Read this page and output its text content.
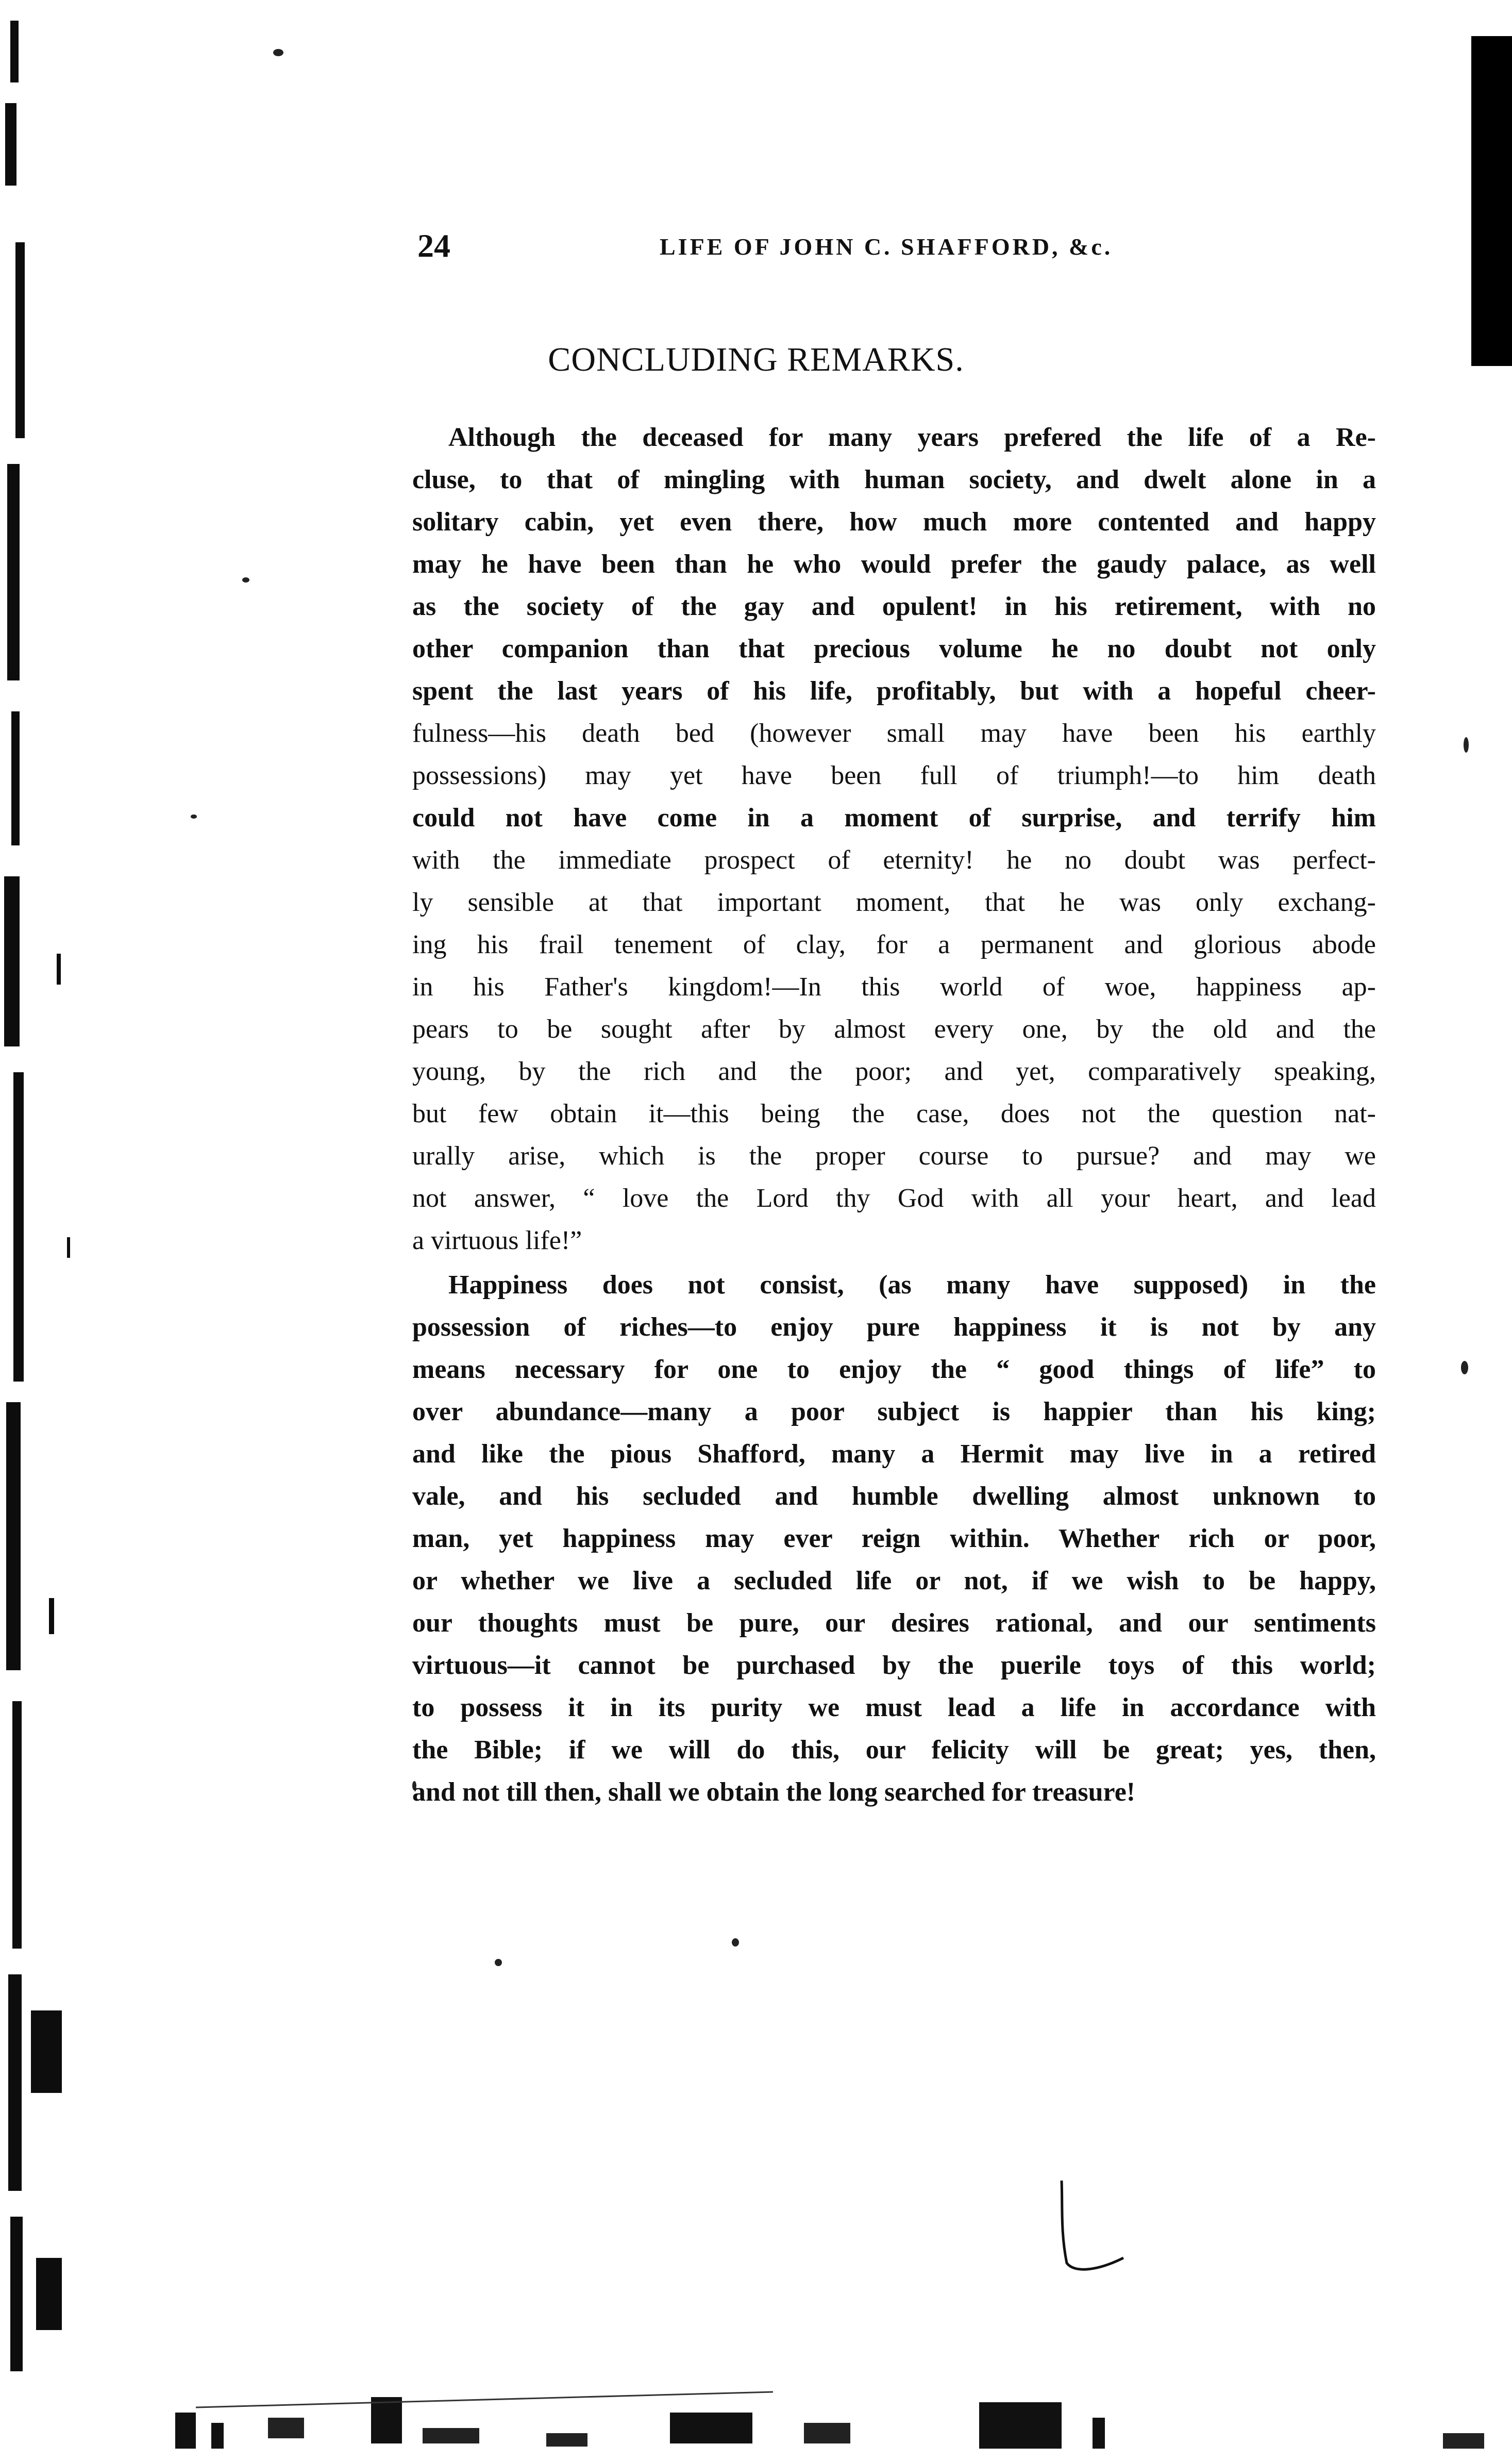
24	LIFE OF JOHN C. SHAFFORD, &c.
CONCLUDING REMARKS.
Although the deceased for many years prefered the life of a Re-
cluse, to that of mingling with human society, and dwelt alone in a
solitary cabin, yet even there, how much more contented and happy
may he have been than he who would prefer the gaudy palace, as well
as the society of the gay and opulent! in his retirement, with no
other companion than that precious volume he no doubt not only
spent the last years of his life, profitably, but with a hopeful cheer-
fulness—his death bed (however small may have been his earthly
possessions) may yet have been full of triumph!—to him death
could not have come in a moment of surprise, and terrify him
with the immediate prospect of eternity! he no doubt was perfect-
ly sensible at that important moment, that he was only exchang-
ing his frail tenement of clay, for a permanent and glorious abode
in his Father's kingdom!—In this world of woe, happiness ap-
pears to be sought after by almost every one, by the old and the
young, by the rich and the poor; and yet, comparatively speaking,
but few obtain it—this being the case, does not the question nat-
urally arise, which is the proper course to pursue? and may we
not answer, “ love the Lord thy God with all your heart, and lead
a virtuous life!”
Happiness does not consist, (as many have supposed) in the
possession of riches—to enjoy pure happiness it is not by any
means necessary for one to enjoy the “ good things of life” to
over abundance—many a poor subject is happier than his king;
and like the pious Shafford, many a Hermit may live in a retired
vale, and his secluded and humble dwelling almost unknown to
man, yet happiness may ever reign within. Whether rich or poor,
or whether we live a secluded life or not, if we wish to be happy,
our thoughts must be pure, our desires rational, and our sentiments
virtuous—it cannot be purchased by the puerile toys of this world;
to possess it in its purity we must lead a life in accordance with
the Bible; if we will do this, our felicity will be great; yes, then,
and not till then, shall we obtain the long searched for treasure!
